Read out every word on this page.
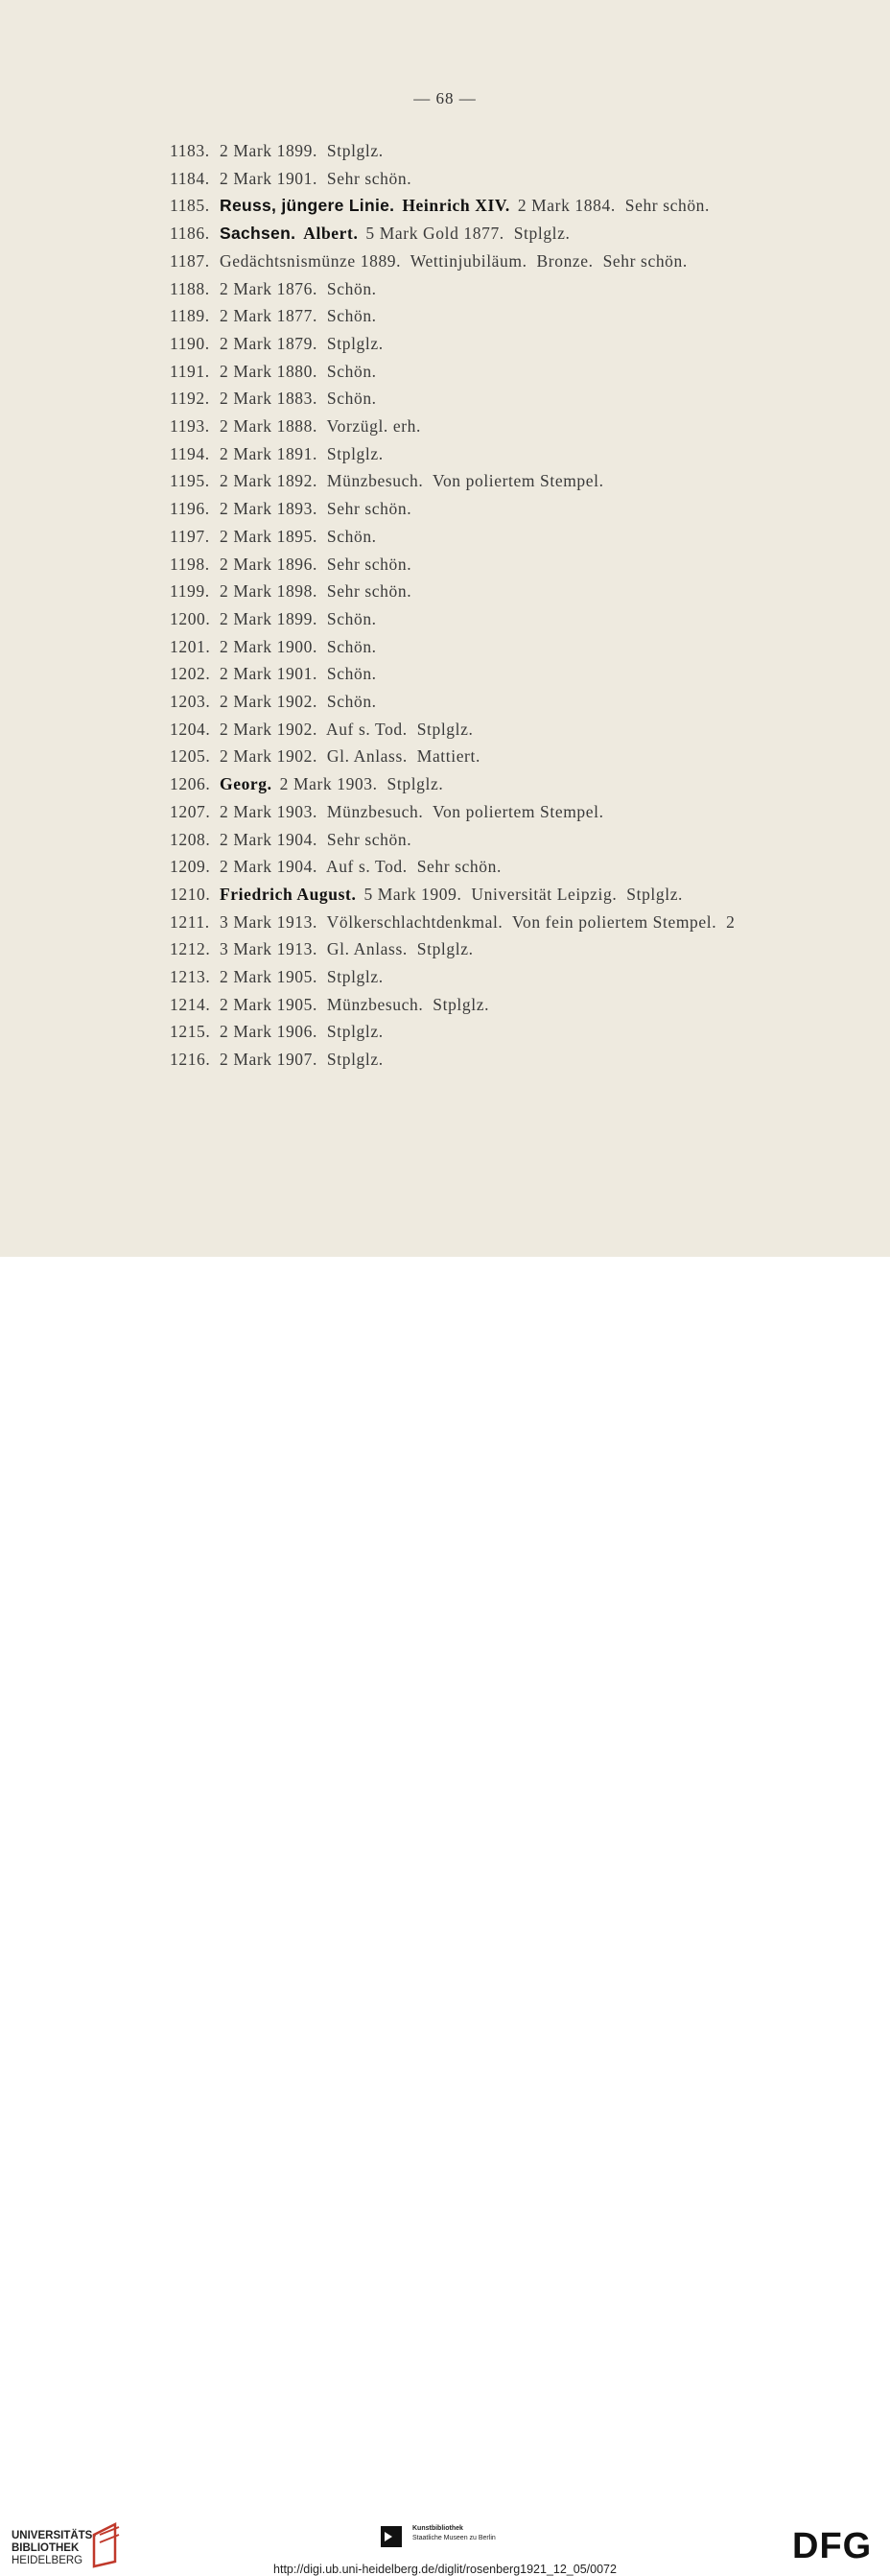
— 68 —
1183. 2 Mark 1899.  Stplglz.
1184. 2 Mark 1901.  Sehr schön.
1185. Reuss, jüngere Linie. Heinrich XIV. 2 Mark 1884.  Sehr schön.
1186. Sachsen. Albert. 5 Mark Gold 1877.  Stplglz.
1187. Gedächtsnismünze 1889.  Wettinjubiläum.  Bronze.  Sehr schön.
1188. 2 Mark 1876.  Schön.
1189. 2 Mark 1877.  Schön.
1190. 2 Mark 1879.  Stplglz.
1191. 2 Mark 1880.  Schön.
1192. 2 Mark 1883.  Schön.
1193. 2 Mark 1888.  Vorzügl. erh.
1194. 2 Mark 1891.  Stplglz.
1195. 2 Mark 1892.  Münzbesuch.  Von poliertem Stempel.
1196. 2 Mark 1893.  Sehr schön.
1197. 2 Mark 1895.  Schön.
1198. 2 Mark 1896.  Sehr schön.
1199. 2 Mark 1898.  Sehr schön.
1200. 2 Mark 1899.  Schön.
1201. 2 Mark 1900.  Schön.
1202. 2 Mark 1901.  Schön.
1203. 2 Mark 1902.  Schön.
1204. 2 Mark 1902.  Auf s. Tod.  Stplglz.
1205. 2 Mark 1902.  Gl. Anlass.  Mattiert.
1206. Georg. 2 Mark 1903.  Stplglz.
1207. 2 Mark 1903.  Münzbesuch.  Von poliertem Stempel.
1208. 2 Mark 1904.  Sehr schön.
1209. 2 Mark 1904.  Auf s. Tod.  Sehr schön.
1210. Friedrich August. 5 Mark 1909.  Universität Leipzig.  Stplglz.
1211. 3 Mark 1913.  Völkerschlachtdenkmal.  Von fein poliertem Stempel.  2
1212. 3 Mark 1913.  Gl. Anlass.  Stplglz.
1213. 2 Mark 1905.  Stplglz.
1214. 2 Mark 1905.  Münzbesuch.  Stplglz.
1215. 2 Mark 1906.  Stplglz.
1216. 2 Mark 1907.  Stplglz.
UNIVERSITÄTS-
BIBLIOTHEK
HEIDELBERG
Kunstbibliothek
Staatliche Museen zu Berlin	DFG
http://digi.ub.uni-heidelberg.de/diglit/rosenberg1921_12_05/0072
